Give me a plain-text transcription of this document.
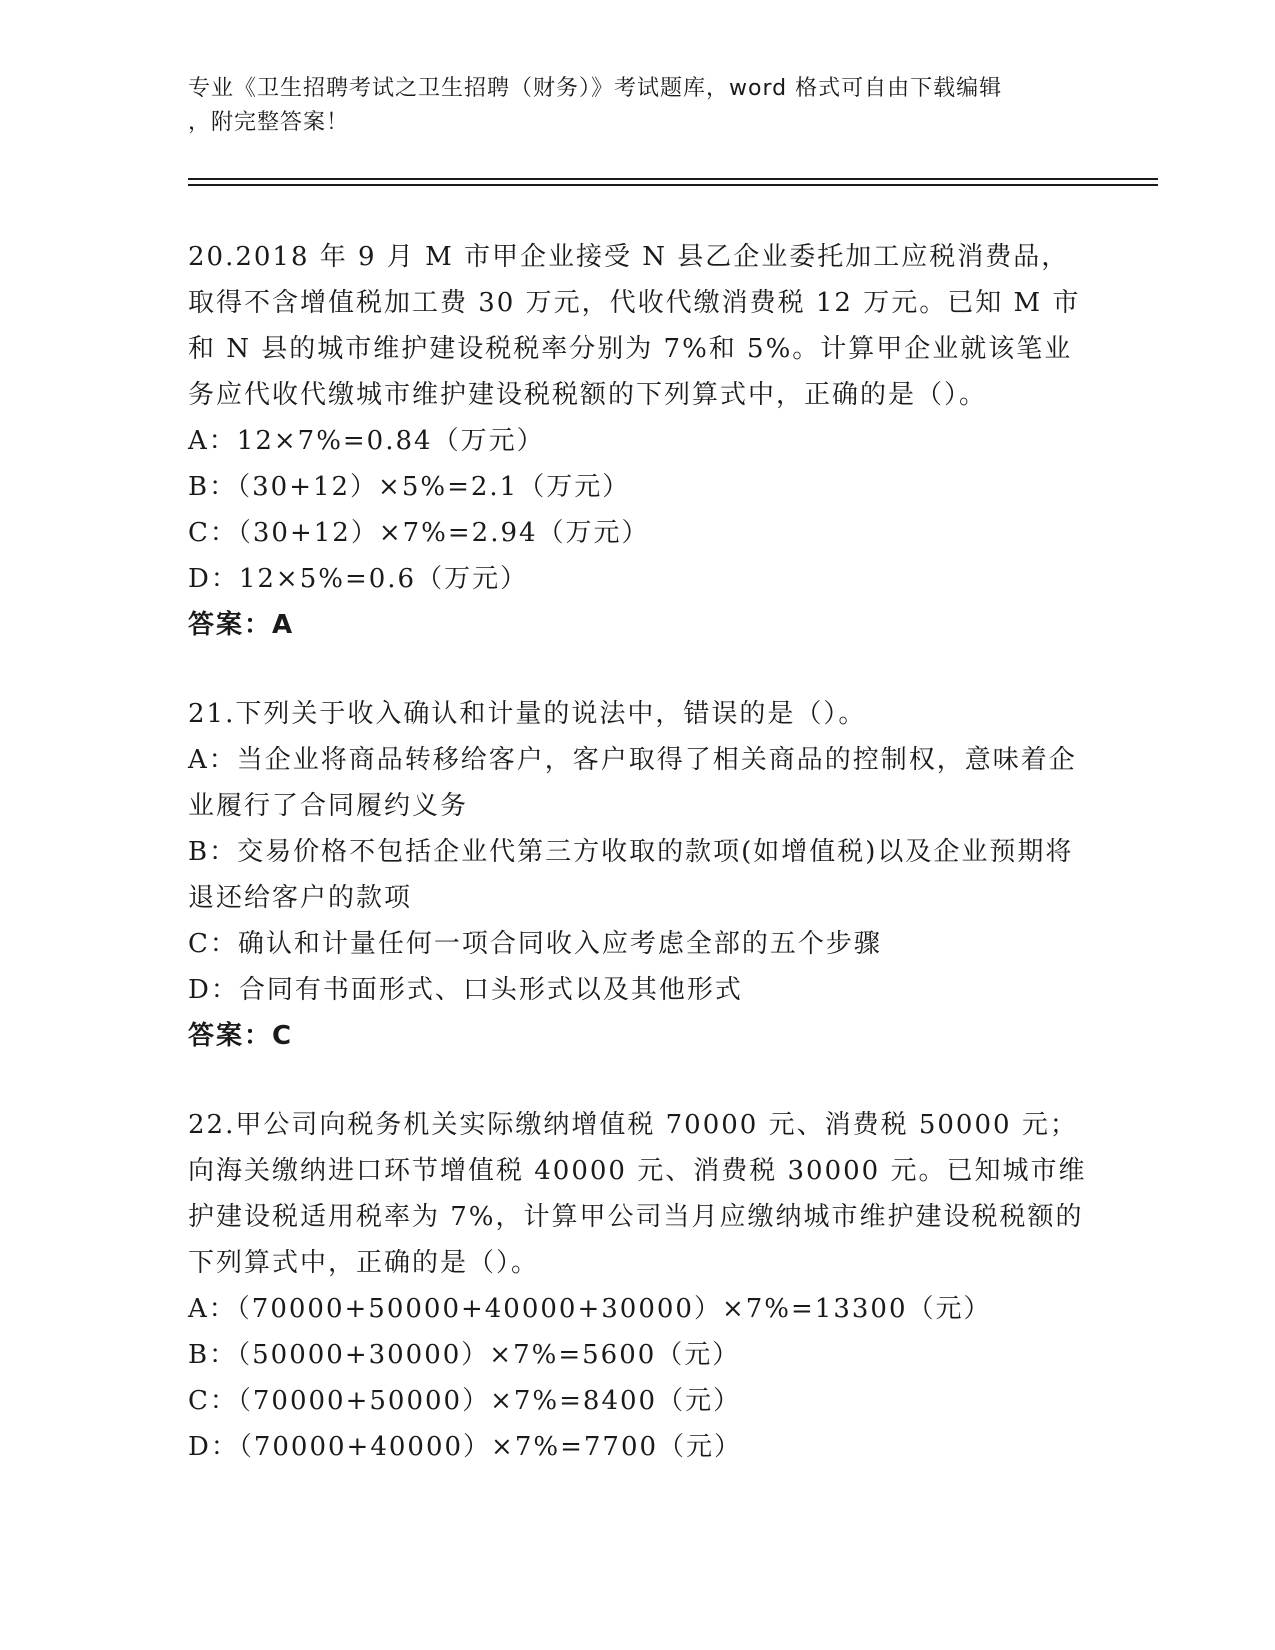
专业《卫生招聘考试之卫生招聘（财务）》考试题库，word 格式可自由下载编辑
，附完整答案！

20.2018 年 9 月 M 市甲企业接受 N 县乙企业委托加工应税消费品，取得不含增值税加工费 30 万元，代收代缴消费税 12 万元。已知 M 市和 N 县的城市维护建设税税率分别为 7%和 5%。计算甲企业就该笔业务应代收代缴城市维护建设税税额的下列算式中，正确的是（）。

A：12×7%=0.84（万元）

B：（30+12）×5%=2.1（万元）

C：（30+12）×7%=2.94（万元）

D：12×5%=0.6（万元）

答案：A

21.下列关于收入确认和计量的说法中，错误的是（）。

A：当企业将商品转移给客户，客户取得了相关商品的控制权，意味着企业履行了合同履约义务

B：交易价格不包括企业代第三方收取的款项(如增值税)以及企业预期将退还给客户的款项

C：确认和计量任何一项合同收入应考虑全部的五个步骤

D：合同有书面形式、口头形式以及其他形式

答案：C

22.甲公司向税务机关实际缴纳增值税 70000 元、消费税 50000 元；向海关缴纳进口环节增值税 40000 元、消费税 30000 元。已知城市维护建设税适用税率为 7%，计算甲公司当月应缴纳城市维护建设税税额的下列算式中，正确的是（）。

A：（70000+50000+40000+30000）×7%=13300（元）

B：（50000+30000）×7%=5600（元）

C：（70000+50000）×7%=8400（元）

D：（70000+40000）×7%=7700（元）
